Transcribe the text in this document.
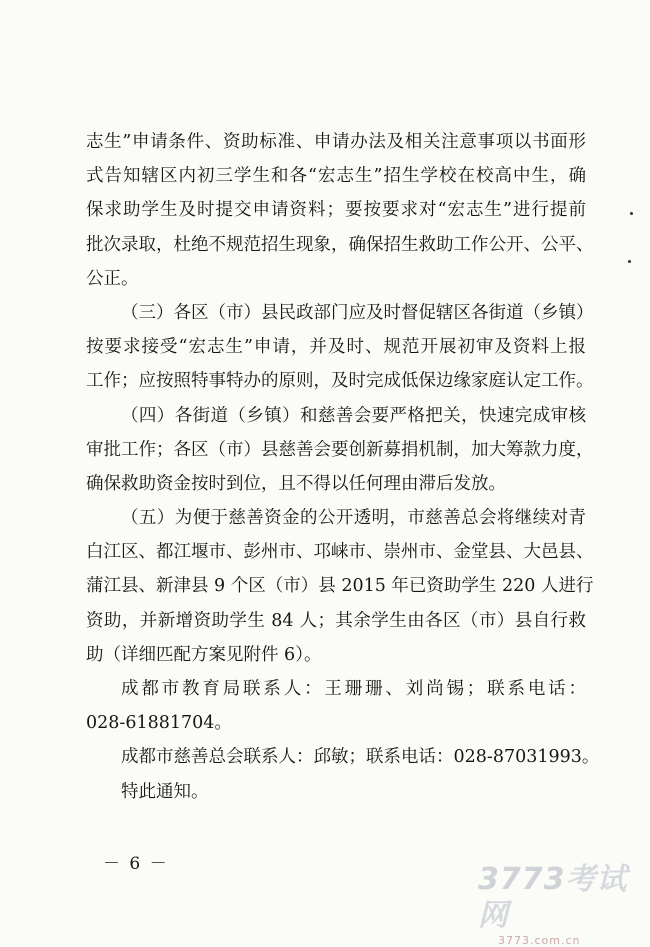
志生”申请条件、资助标准、申请办法及相关注意事项以书面形
式告知辖区内初三学生和各“宏志生”招生学校在校高中生，确
保求助学生及时提交申请资料；要按要求对“宏志生”进行提前
批次录取，杜绝不规范招生现象，确保招生救助工作公开、公平、
公正。
（三）各区（市）县民政部门应及时督促辖区各街道（乡镇）
按要求接受“宏志生”申请，并及时、规范开展初审及资料上报
工作；应按照特事特办的原则，及时完成低保边缘家庭认定工作。
（四）各街道（乡镇）和慈善会要严格把关，快速完成审核
审批工作；各区（市）县慈善会要创新募捐机制，加大筹款力度，
确保救助资金按时到位，且不得以任何理由滞后发放。
（五）为便于慈善资金的公开透明，市慈善总会将继续对青
白江区、都江堰市、彭州市、邛崃市、崇州市、金堂县、大邑县、
蒲江县、新津县 9 个区（市）县 2015 年已资助学生 220 人进行
资助，并新增资助学生 84 人；其余学生由各区（市）县自行救
助（详细匹配方案见附件 6）。
成都市教育局联系人：王珊珊、刘尚锡；联系电话：
028-61881704。
成都市慈善总会联系人：邱敏；联系电话：028-87031993。
特此通知。
－ 6 －	3773考试网
3773.com.cn
